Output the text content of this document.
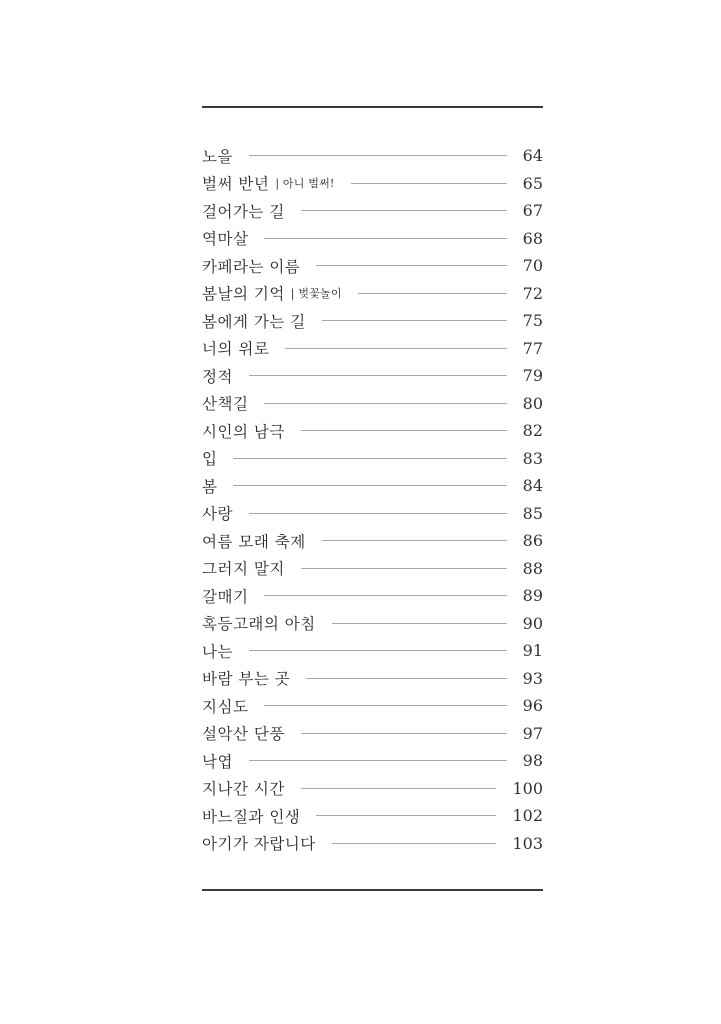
노을	64
벌써 반년 | 아니 벌써!	65
걸어가는 길	67
역마살	68
카페라는 이름	70
봄날의 기억 | 벚꽃놀이	72
봄에게 가는 길	75
너의 위로	77
정적	79
산책길	80
시인의 남극	82
입	83
봄	84
사랑	85
여름 모래 축제	86
그러지 말지	88
갈매기	89
혹등고래의 아침	90
나는	91
바람 부는 곳	93
지심도	96
설악산 단풍	97
낙엽	98
지나간 시간	100
바느질과 인생	102
아기가 자랍니다	103
